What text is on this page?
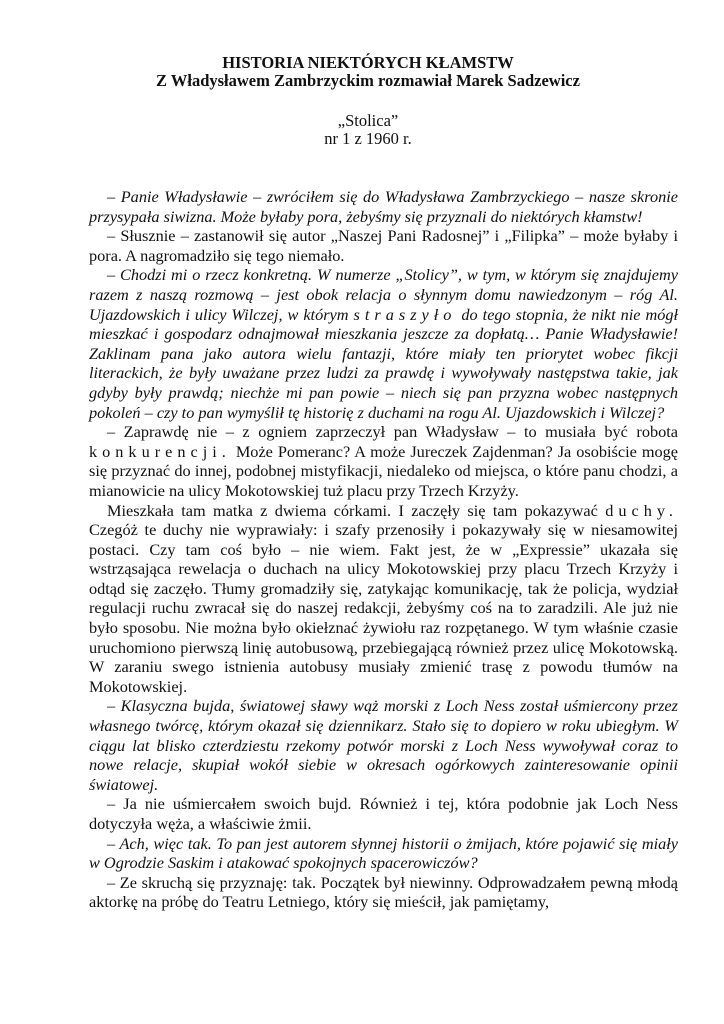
HISTORIA NIEKTÓRYCH KŁAMSTW
Z Władysławem Zambrzyckim rozmawiał Marek Sadzewicz

„Stolica”

nr 1 z 1960 r.

– Panie Władysławie – zwróciłem się do Władysława Zambrzyckiego – nasze skronie przysypała siwizna. Może byłaby pora, żebyśmy się przyznali do niektórych kłamstw!

– Słusznie – zastanowił się autor „Naszej Pani Radosnej” i „Filipka” – może byłaby i pora. A nagromadziło się tego niemało.

– Chodzi mi o rzecz konkretną. W numerze „Stolicy”, w tym, w którym się znajdujemy razem z naszą rozmową – jest obok relacja o słynnym domu nawiedzonym – róg Al. Ujazdowskich i ulicy Wilczej, w którym straszyło do tego stopnia, że nikt nie mógł mieszkać i gospodarz odnajmował mieszkania jeszcze za dopłatą… Panie Władysławie! Zaklinam pana jako autora wielu fantazji, które miały ten priorytet wobec fikcji literackich, że były uważane przez ludzi za prawdę i wywoływały następstwa takie, jak gdyby były prawdą; niechże mi pan powie – niech się pan przyzna wobec następnych pokoleń – czy to pan wymyślił tę historię z duchami na rogu Al. Ujazdowskich i Wilczej?

– Zaprawdę nie – z ogniem zaprzeczył pan Władysław – to musiała być robota konkurencji. Może Pomeranc? A może Jureczek Zajdenman? Ja osobiście mogę się przyznać do innej, podobnej mistyfikacji, niedaleko od miejsca, o które panu chodzi, a mianowicie na ulicy Mokotowskiej tuż placu przy Trzech Krzyży.

Mieszkała tam matka z dwiema córkami. I zaczęły się tam pokazywać duchy. Czegóż te duchy nie wyprawiały: i szafy przenosiły i pokazywały się w niesamowitej postaci. Czy tam coś było – nie wiem. Fakt jest, że w „Expressie” ukazała się wstrząsająca rewelacja o duchach na ulicy Mokotowskiej przy placu Trzech Krzyży i odtąd się zaczęło. Tłumy gromadziły się, zatykając komunikację, tak że policja, wydział regulacji ruchu zwracał się do naszej redakcji, żebyśmy coś na to zaradzili. Ale już nie było sposobu. Nie można było okiełznać żywiołu raz rozpętanego. W tym właśnie czasie uruchomiono pierwszą linię autobusową, przebiegającą również przez ulicę Mokotowską. W zaraniu swego istnienia autobusy musiały zmienić trasę z powodu tłumów na Mokotowskiej.

– Klasyczna bujda, światowej sławy wąż morski z Loch Ness został uśmiercony przez własnego twórcę, którym okazał się dziennikarz. Stało się to dopiero w roku ubiegłym. W ciągu lat blisko czterdziestu rzekomy potwór morski z Loch Ness wywoływał coraz to nowe relacje, skupiał wokół siebie w okresach ogórkowych zainteresowanie opinii światowej.

– Ja nie uśmiercałem swoich bujd. Również i tej, która podobnie jak Loch Ness dotyczyła węża, a właściwie żmii.

– Ach, więc tak. To pan jest autorem słynnej historii o żmijach, które pojawić się miały w Ogrodzie Saskim i atakować spokojnych spacerowiczów?

– Ze skruchą się przyznaję: tak. Początek był niewinny. Odprowadzałem pewną młodą aktorkę na próbę do Teatru Letniego, który się mieścił, jak pamiętamy,
